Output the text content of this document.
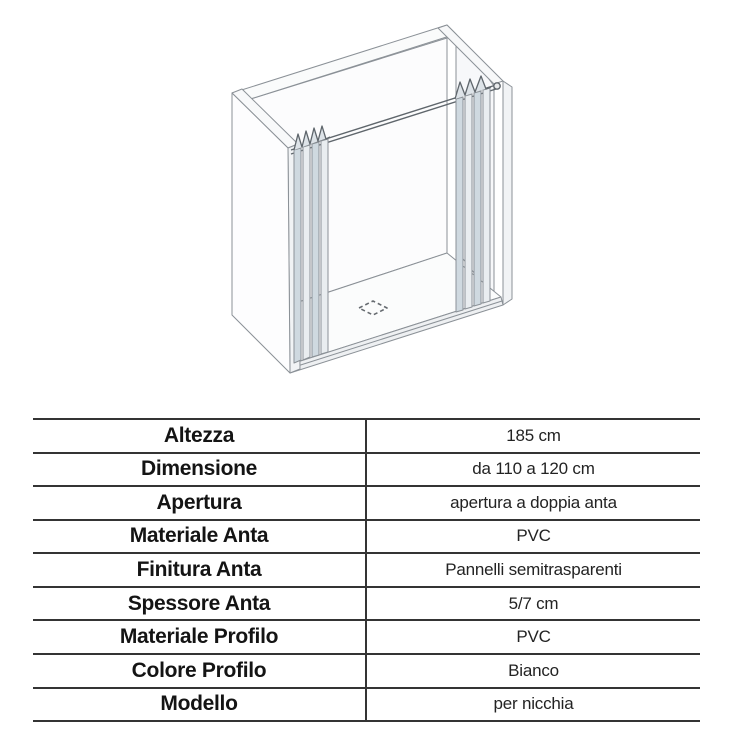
Altezza	185 cm
Dimensione	da 110 a 120 cm
Apertura	apertura a doppia anta
Materiale Anta	PVC
Finitura Anta	Pannelli semitrasparenti
Spessore Anta	5/7 cm
Materiale Profilo	PVC
Colore Profilo	Bianco
Modello	per nicchia
